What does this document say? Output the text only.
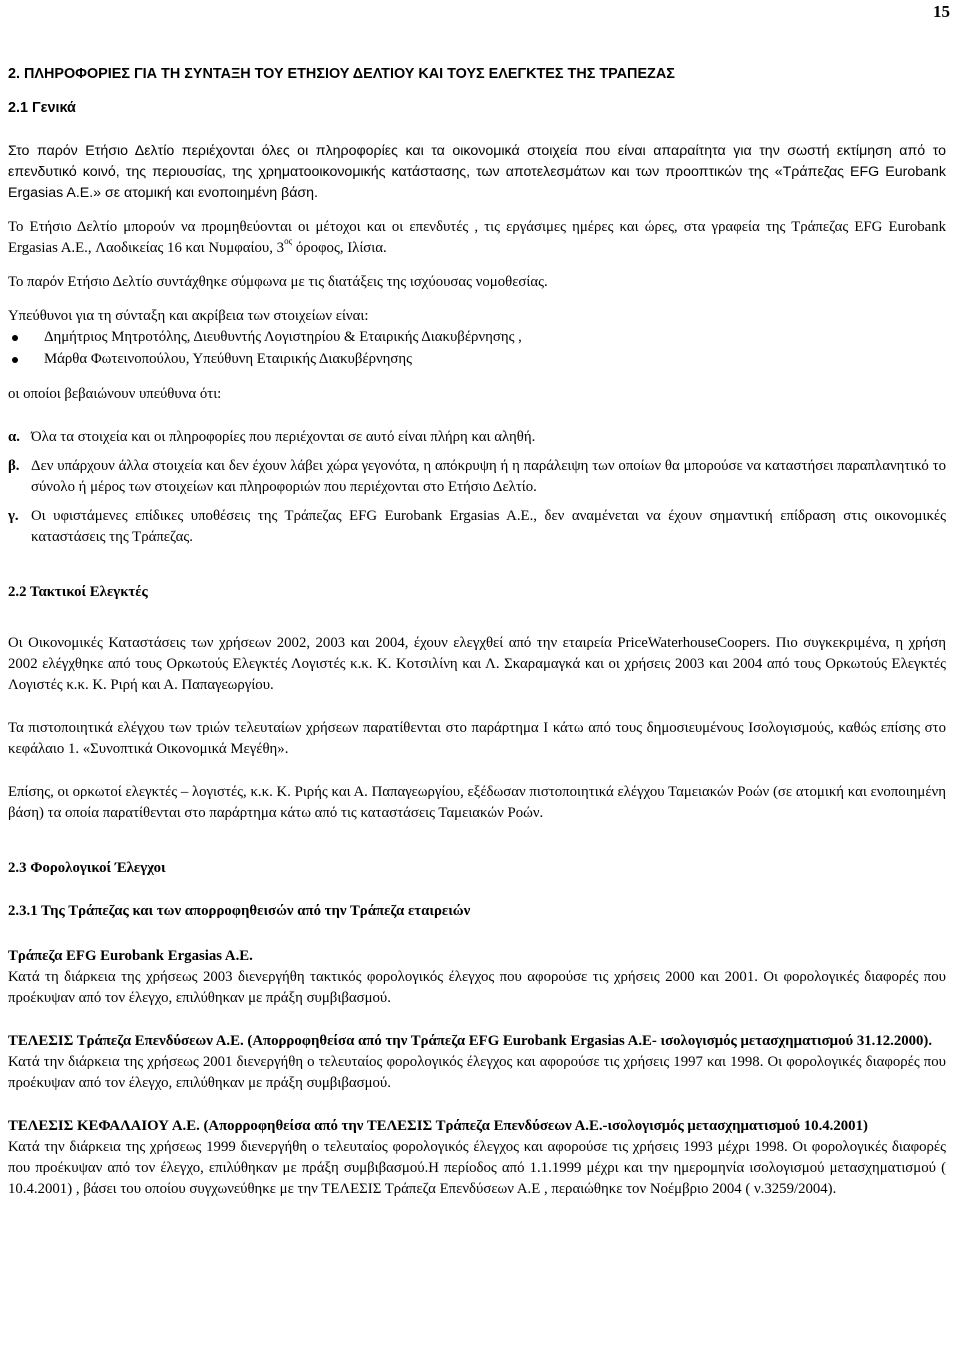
15

2. ΠΛΗΡΟΦΟΡΙΕΣ ΓΙΑ ΤΗ ΣΥΝΤΑΞΗ ΤΟΥ ΕΤΗΣΙΟΥ ΔΕΛΤΙΟΥ ΚΑΙ ΤΟΥΣ ΕΛΕΓΚΤΕΣ ΤΗΣ ΤΡΑΠΕΖΑΣ

2.1 Γενικά

Στο παρόν Ετήσιο Δελτίο περιέχονται όλες οι πληροφορίες και τα οικονομικά στοιχεία που είναι απαραίτητα για την σωστή εκτίμηση από το επενδυτικό κοινό, της περιουσίας, της χρηματοοικονομικής κατάστασης, των αποτελεσμάτων και των προοπτικών της «Τράπεζας EFG Eurobank Ergasias A.E.» σε ατομική και ενοποιημένη βάση.

Το Ετήσιο Δελτίο μπορούν να προμηθεύονται οι μέτοχοι και οι επενδυτές , τις εργάσιμες ημέρες και ώρες, στα γραφεία της Τράπεζας EFG Eurobank Ergasias A.E., Λαοδικείας 16 και Νυμφαίου, $3^{o\varsigma}$ όροφος, Ιλίσια.

Το παρόν Ετήσιο Δελτίο συντάχθηκε σύμφωνα με τις διατάξεις της ισχύουσας νομοθεσίας.

Υπεύθυνοι για τη σύνταξη και ακρίβεια των στοιχείων είναι:

Δημήτριος Μητροτόλης, Διευθυντής Λογιστηρίου & Εταιρικής Διακυβέρνησης ,
Μάρθα Φωτεινοπούλου, Υπεύθυνη Εταιρικής Διακυβέρνησης

οι οποίοι βεβαιώνουν υπεύθυνα ότι:

α. Όλα τα στοιχεία και οι πληροφορίες που περιέχονται σε αυτό είναι πλήρη και αληθή.
β. Δεν υπάρχουν άλλα στοιχεία και δεν έχουν λάβει χώρα γεγονότα, η απόκρυψη ή η παράλειψη των οποίων θα μπορούσε να καταστήσει παραπλανητικό το σύνολο ή μέρος των στοιχείων και πληροφοριών που περιέχονται στο Ετήσιο Δελτίο.
γ. Οι υφιστάμενες επίδικες υποθέσεις της Τράπεζας EFG Eurobank Ergasias A.E., δεν αναμένεται να έχουν σημαντική επίδραση στις οικονομικές καταστάσεις της Τράπεζας.

2.2 Τακτικοί Ελεγκτές

Οι Οικονομικές Καταστάσεις των χρήσεων 2002, 2003 και 2004, έχουν ελεγχθεί από την εταιρεία PriceWaterhouseCoopers. Πιο συγκεκριμένα, η χρήση 2002 ελέγχθηκε από τους Ορκωτούς Ελεγκτές Λογιστές κ.κ. Κ. Κοτσιλίνη και Λ. Σκαραμαγκά και οι χρήσεις 2003 και 2004 από τους Ορκωτούς Ελεγκτές Λογιστές κ.κ. Κ. Ριρή και Α. Παπαγεωργίου.

Τα πιστοποιητικά ελέγχου των τριών τελευταίων χρήσεων παρατίθενται στο παράρτημα Ι κάτω από τους δημοσιευμένους Ισολογισμούς, καθώς επίσης στο κεφάλαιο 1. «Συνοπτικά Οικονομικά Μεγέθη».

Επίσης, οι ορκωτοί ελεγκτές – λογιστές, κ.κ. Κ. Ριρής και Α. Παπαγεωργίου, εξέδωσαν πιστοποιητικά ελέγχου Ταμειακών Ροών (σε ατομική και ενοποιημένη βάση) τα οποία παρατίθενται στο παράρτημα κάτω από τις καταστάσεις Ταμειακών Ροών.

2.3 Φορολογικοί Έλεγχοι

2.3.1 Της Τράπεζας και των απορροφηθεισών από την Τράπεζα εταιρειών

Τράπεζα EFG Eurobank Ergasias A.E.

Κατά τη διάρκεια της χρήσεως 2003 διενεργήθη τακτικός φορολογικός έλεγχος που αφορούσε τις χρήσεις 2000 και 2001. Οι φορολογικές διαφορές που προέκυψαν από τον έλεγχο, επιλύθηκαν με πράξη συμβιβασμού.

ΤΕΛΕΣΙΣ Τράπεζα Επενδύσεων Α.Ε. (Απορροφηθείσα από την Τράπεζα EFG Eurobank Ergasias A.E- ισολογισμός μετασχηματισμού 31.12.2000).

Κατά την διάρκεια της χρήσεως 2001 διενεργήθη ο τελευταίος φορολογικός έλεγχος και αφορούσε τις χρήσεις 1997 και 1998. Οι φορολογικές διαφορές που προέκυψαν από τον έλεγχο, επιλύθηκαν με πράξη συμβιβασμού.

ΤΕΛΕΣΙΣ ΚΕΦΑΛΑΙΟΥ Α.Ε. (Απορροφηθείσα από την ΤΕΛΕΣΙΣ Τράπεζα Επενδύσεων Α.Ε.-ισολογισμός μετασχηματισμού 10.4.2001)

Κατά την διάρκεια της χρήσεως 1999 διενεργήθη ο τελευταίος φορολογικός έλεγχος και αφορούσε τις χρήσεις 1993 μέχρι 1998. Οι φορολογικές διαφορές που προέκυψαν από τον έλεγχο, επιλύθηκαν με πράξη συμβιβασμού.Η περίοδος από 1.1.1999 μέχρι και την ημερομηνία ισολογισμού μετασχηματισμού ( 10.4.2001) , βάσει του οποίου συγχωνεύθηκε με την ΤΕΛΕΣΙΣ Τράπεζα Επενδύσεων Α.Ε , περαιώθηκε τον Νοέμβριο 2004 ( ν.3259/2004).
